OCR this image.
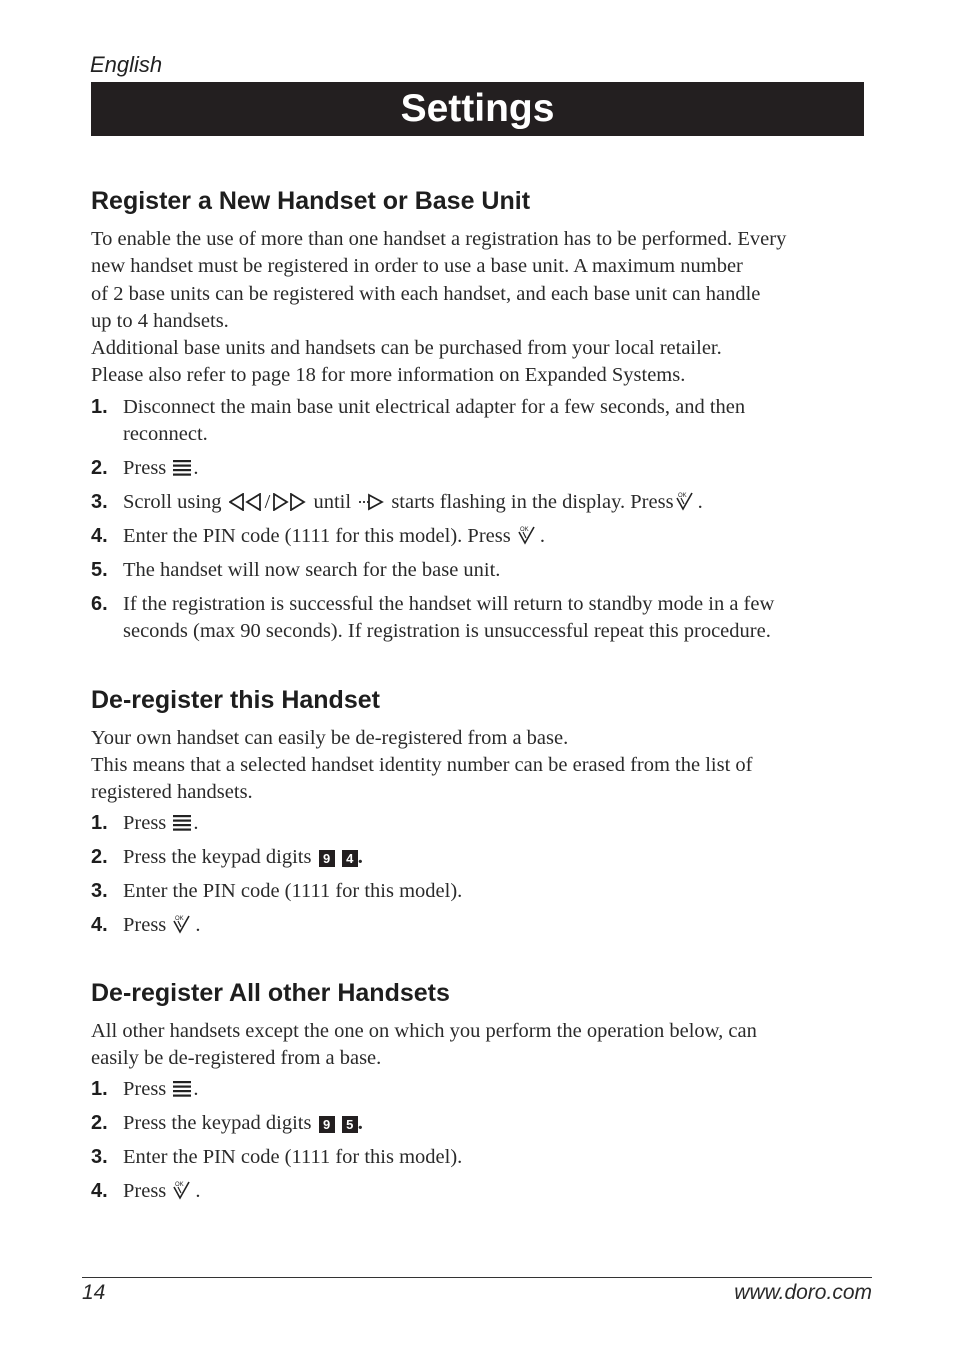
English
Settings
Register a New Handset or Base Unit

To enable the use of more than one handset a registration has to be performed. Every
new handset must be registered in order to use a base unit. A maximum number
of 2 base units can be registered with each handset, and each base unit can handle
up to 4 handsets.
Additional base units and handsets can be purchased from your local retailer.
Please also refer to page 18 for more information on Expanded Systems.

1. Disconnect the main base unit electrical adapter for a few seconds, and then
reconnect.
2. Press .
3. Scroll using / until starts flashing in the display. Press OK .
4. Enter the PIN code (1111 for this model). Press OK .
5. The handset will now search for the base unit.
6. If the registration is successful the handset will return to standby mode in a few
seconds (max 90 seconds). If registration is unsuccessful repeat this procedure.
De-register this Handset

Your own handset can easily be de-registered from a base.
This means that a selected handset identity number can be erased from the list of
registered handsets.

1. Press .
2. Press the keypad digits 9 4 .
3. Enter the PIN code (1111 for this model).
4. Press OK .
De-register All other Handsets

All other handsets except the one on which you perform the operation below, can
easily be de-registered from a base.

1. Press .
2. Press the keypad digits 9 5 .
3. Enter the PIN code (1111 for this model).
4. Press OK .
14	www.doro.com
